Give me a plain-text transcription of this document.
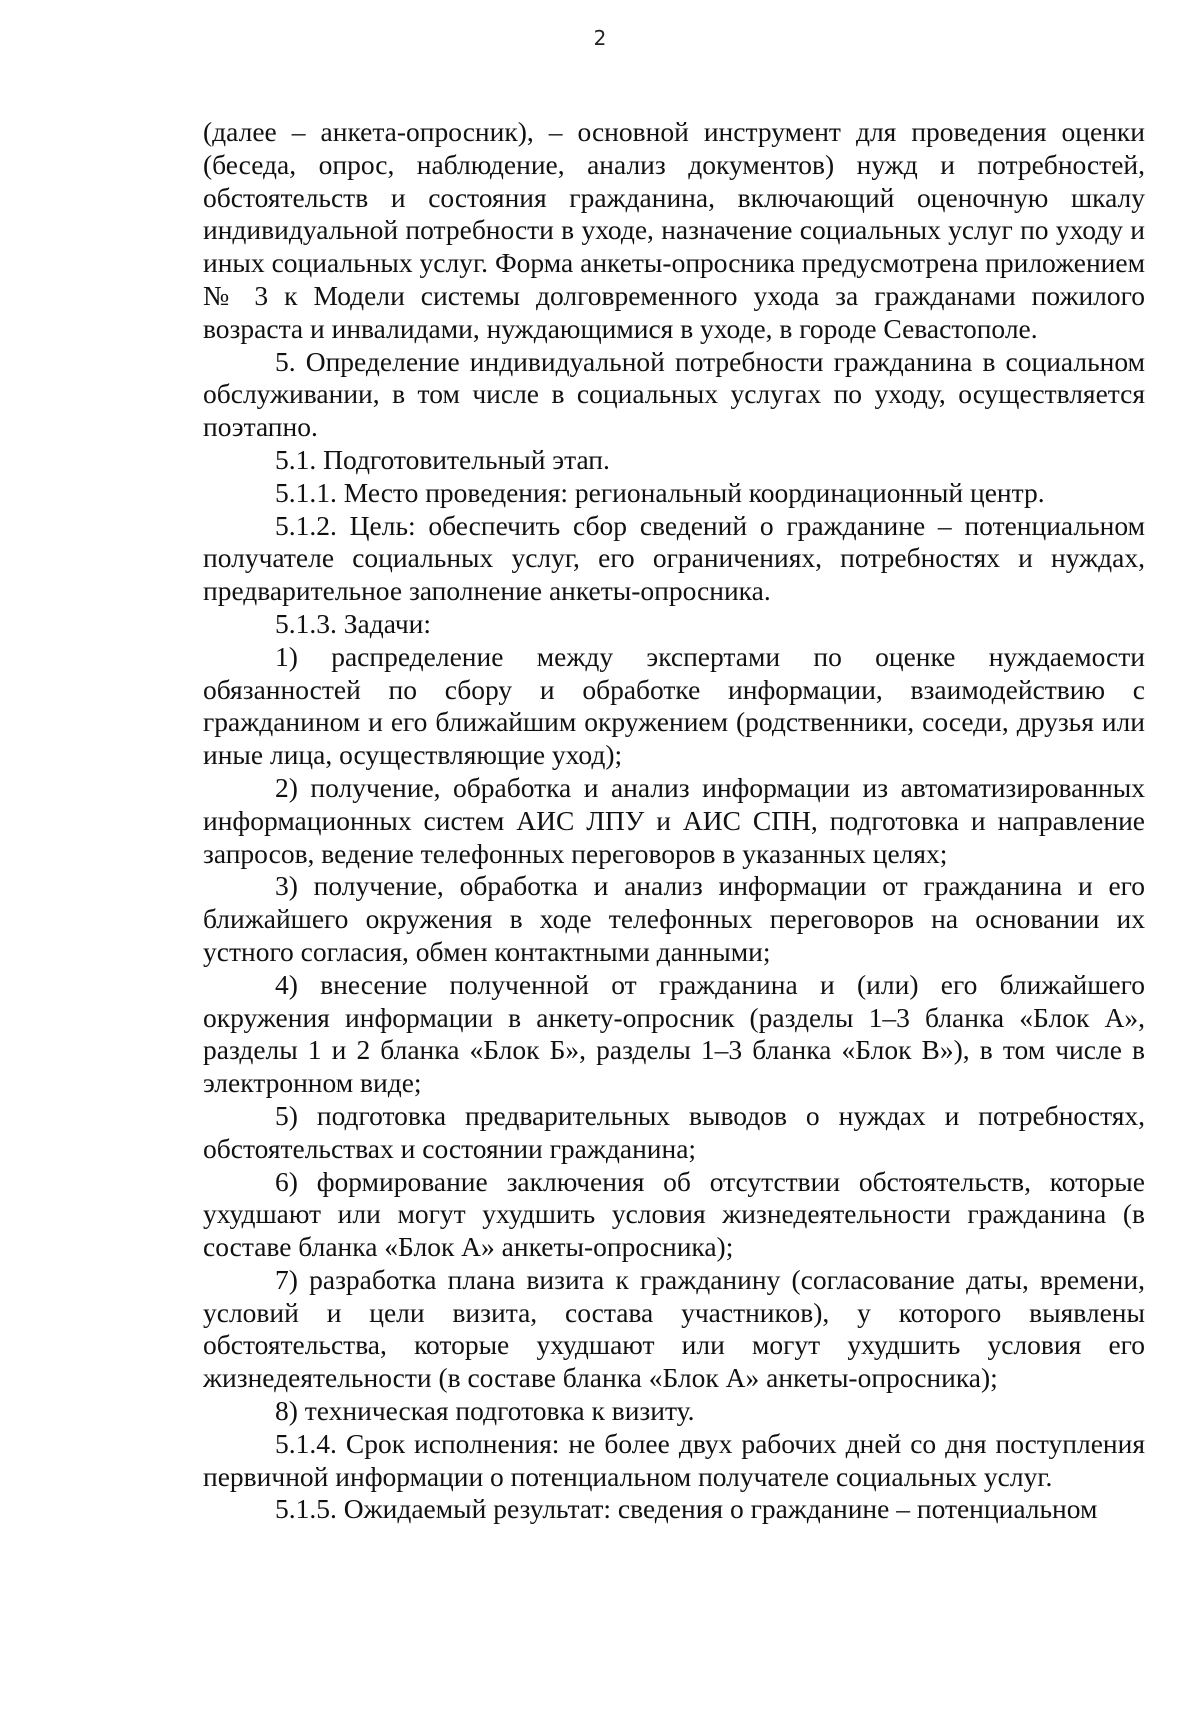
2

(далее – анкета-опросник), – основной инструмент для проведения оценки (беседа, опрос, наблюдение, анализ документов) нужд и потребностей, обстоятельств и состояния гражданина, включающий оценочную шкалу индивидуальной потребности в уходе, назначение социальных услуг по уходу и иных социальных услуг. Форма анкеты-опросника предусмотрена приложением № 3 к Модели системы долговременного ухода за гражданами пожилого возраста и инвалидами, нуждающимися в уходе, в городе Севастополе.

5. Определение индивидуальной потребности гражданина в социальном обслуживании, в том числе в социальных услугах по уходу, осуществляется поэтапно.

5.1. Подготовительный этап.

5.1.1. Место проведения: региональный координационный центр.

5.1.2. Цель: обеспечить сбор сведений о гражданине – потенциальном получателе социальных услуг, его ограничениях, потребностях и нуждах, предварительное заполнение анкеты-опросника.

5.1.3. Задачи:

1) распределение между экспертами по оценке нуждаемости обязанностей по сбору и обработке информации, взаимодействию с гражданином и его ближайшим окружением (родственники, соседи, друзья или иные лица, осуществляющие уход);

2) получение, обработка и анализ информации из автоматизированных информационных систем АИС ЛПУ и АИС СПН, подготовка и направление запросов, ведение телефонных переговоров в указанных целях;

3) получение, обработка и анализ информации от гражданина и его ближайшего окружения в ходе телефонных переговоров на основании их устного согласия, обмен контактными данными;

4) внесение полученной от гражданина и (или) его ближайшего окружения информации в анкету-опросник (разделы 1–3 бланка «Блок А», разделы 1 и 2 бланка «Блок Б», разделы 1–3 бланка «Блок В»), в том числе в электронном виде;

5) подготовка предварительных выводов о нуждах и потребностях, обстоятельствах и состоянии гражданина;

6) формирование заключения об отсутствии обстоятельств, которые ухудшают или могут ухудшить условия жизнедеятельности гражданина (в составе бланка «Блок А» анкеты-опросника);

7) разработка плана визита к гражданину (согласование даты, времени, условий и цели визита, состава участников), у которого выявлены обстоятельства, которые ухудшают или могут ухудшить условия его жизнедеятельности (в составе бланка «Блок А» анкеты-опросника);

8) техническая подготовка к визиту.

5.1.4. Срок исполнения: не более двух рабочих дней со дня поступления первичной информации о потенциальном получателе социальных услуг.

5.1.5. Ожидаемый результат: сведения о гражданине – потенциальном
